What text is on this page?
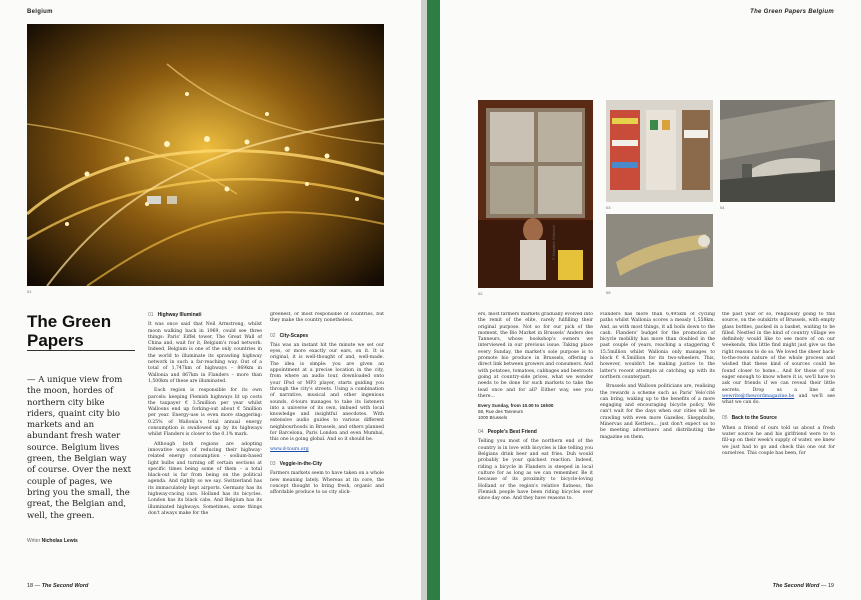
Belgium
01
The Green Papers
— A unique view from the moon, hordes of northern city bike riders, quaint city bio markets and an abundant fresh water source. Belgium lives green, the Belgian way of course. Over the next couple of pages, we bring you the small, the great, the Belgian and, well, the green.
Writer Nicholas Lewis
01 Highway Illuminati

It was once said that Neil Armstrong, whilst moon walking back in 1969, could see three things: Paris' Eiffel tower, The Great Wall of China and, wait for it, Belgium's road network. Indeed, Belgium is one of the only countries in the world to illuminate its sprawling highway network in such a far-reaching way. Out of a total of 1,747km of highways – 869km in Wallonia and 867km in Flanders – more than 1,500km of these are illuminated.

Each region is responsible for its own parcels: keeping Flemish highways lit up costs the taxpayer € 3.5million per year whilst Walloons end up forking-out about € 5million per year. Energy-use is even more staggering: 0.25% of Wallonia's total annual energy consumption is swallowed up by its highways whilst Flanders is closer to the 0.1% mark.

Although both regions are adopting innovative ways of reducing their highway-related energy consumption - sodium-based light bulbs and turning off certain sections at specific times being some of them – a total black-out is far from being on the political agenda. And rightly so we say. Switzerland has its immaculately kept airports. Germany has its highway-racing cars. Holland has its bicycles. London has its black cabs. And Belgium has its illuminated highways. Sometimes, some things don't always make for the

greenest, or most responsible of countries, but they make the country nonetheless.

02 City-Scapes

This was an instant hit the minute we set our eyes, or more exactly our ears, on it. It is original, it is well-thought of and, well-made. The idea is simple: you are given an appointment at a precise location in the city, from where an audio tour, downloaded onto your IPod or MP3 player, starts guiding you through the city's streets. Using a combination of narrative, musical and other ingenious sounds, d-tours manages to take its listeners into a universe of its own, imbued with local knowledge and insightful anecdotes. With extensive audio guides to various different neighbourhoods in Brussels, and others planned for Barcelona, Paris London and even Mumbai, this one is going global. And so it should be.

www.d-tours.org

03 Veggie-in-the-City

Farmers markets seem to have taken on a whole new meaning lately. Whereas at its core, the concept thought to bring fresh, organic and affordable produce to us city slick-

18 — The Second Word
The Green Papers Belgium
02
© Sebastien Chevreuil
03	04
05

ers, most farmers markets gradually evolved into the remit of the elite, rarely fulfilling their original purpose. Not so for our pick of the moment, the Bio Market in Brussels' Anders des Tanneurs, whose bookshop's owners we interviewed in our previous issue. Taking place every Sunday, the market's sole purpose is to promote bio produce in Brussels, offering a direct link between growers and consumers. And with potatoes, tomatoes, cabbages and beetroots going at country-side prices, what we wonder needs to be done for such markets to take the lead once and for all? Either way, see you there...

Every Sunday, from 10.00 to 16h00
58, Rue des Tanneurs
1000 Brussels
04 People's Best Friend

Telling you most of the northern end of the country is in love with bicycles is like telling you Belgians drink beer and eat fries. Duh would probably be your quickest reaction. Indeed, riding a bicycle in Flanders is steeped in local culture for as long as we can remember. Be it because of its proximity to bicycle-loving Holland or the region's relative flatness, the Flemish people have been riding bicycles ever since day one. And they have reasons to.

Flanders has more than 6,495km of cycling paths whilst Wallonia scores a measly 1,558km. And, as with most things, it all boils down to the cash. Flanders' budget for the promotion of bicycle mobility has more than doubled in the past couple of years, reaching a staggering € 15.5million whilst Wallonia only manages to block € 4.5million for its two-wheelers. This, however, wouldn't be making justice to the latter's recent attempts at catching up with its northern counterpart.

Brussels and Walloon politicians are, realising the rewards a scheme such as Paris' Velo'cité can bring, waking up to the benefits of a more engaging and encouraging bicycle policy. We can't wait for the days when our cities will be crawling with even more Gazelles, Skeppbults, Minervas and Kettlers... just don't expect us to be meeting advertisers and distributing the magazine on them.

the past year or so, religiously going to this source, on the outskirts of Brussels, with empty glass bottles, packed in a basket, waiting to be filled. Nestled in the kind of country village we definitely would like to see more of on our weekends, this little find might just give us the right reasons to do so. We loved the sheer back-to-the-roots nature of the whole process and wished that these kind of sources could be found closer to home... And for those of you eager enough to know where it is, we'll have to ask our friends if we can reveal their little secrets. Drop us a line at wewrite@thewordmagazine.be and we'll see what we can do.

05 Back to the Source

When a friend of ours told us about a fresh water source he and his girlfriend were to to fill-up on their week's supply of water, we knew we just had to go and check this one out for ourselves. This couple has been, for

The Second Word — 19
